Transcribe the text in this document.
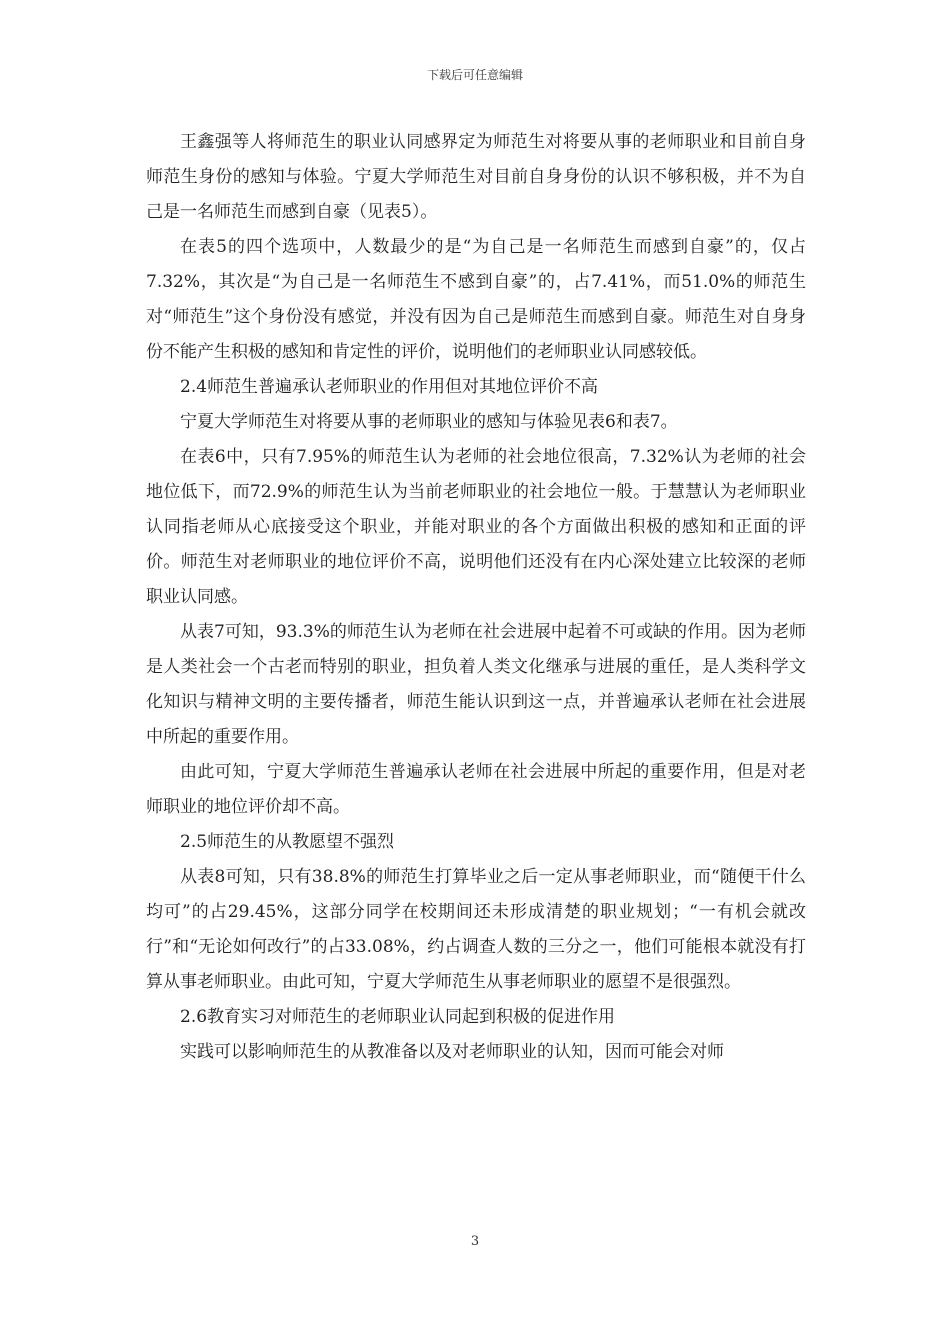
下载后可任意编辑

王鑫强等人将师范生的职业认同感界定为师范生对将要从事的老师职业和目前自身师范生身份的感知与体验。宁夏大学师范生对目前自身身份的认识不够积极，并不为自己是一名师范生而感到自豪（见表5）。

在表5的四个选项中，人数最少的是“为自己是一名师范生而感到自豪”的，仅占7.32%，其次是“为自己是一名师范生不感到自豪”的，占7.41%，而51.0%的师范生对“师范生”这个身份没有感觉，并没有因为自己是师范生而感到自豪。师范生对自身身份不能产生积极的感知和肯定性的评价，说明他们的老师职业认同感较低。

2.4师范生普遍承认老师职业的作用但对其地位评价不高

宁夏大学师范生对将要从事的老师职业的感知与体验见表6和表7。

在表6中，只有7.95%的师范生认为老师的社会地位很高，7.32%认为老师的社会地位低下，而72.9%的师范生认为当前老师职业的社会地位一般。于慧慧认为老师职业认同指老师从心底接受这个职业，并能对职业的各个方面做出积极的感知和正面的评价。师范生对老师职业的地位评价不高，说明他们还没有在内心深处建立比较深的老师职业认同感。

从表7可知，93.3%的师范生认为老师在社会进展中起着不可或缺的作用。因为老师是人类社会一个古老而特别的职业，担负着人类文化继承与进展的重任，是人类科学文化知识与精神文明的主要传播者，师范生能认识到这一点，并普遍承认老师在社会进展中所起的重要作用。

由此可知，宁夏大学师范生普遍承认老师在社会进展中所起的重要作用，但是对老师职业的地位评价却不高。

2.5师范生的从教愿望不强烈

从表8可知，只有38.8%的师范生打算毕业之后一定从事老师职业，而“随便干什么均可”的占29.45%，这部分同学在校期间还未形成清楚的职业规划；“一有机会就改行”和“无论如何改行”的占33.08%，约占调查人数的三分之一，他们可能根本就没有打算从事老师职业。由此可知，宁夏大学师范生从事老师职业的愿望不是很强烈。

2.6教育实习对师范生的老师职业认同起到积极的促进作用

实践可以影响师范生的从教准备以及对老师职业的认知，因而可能会对师

3
